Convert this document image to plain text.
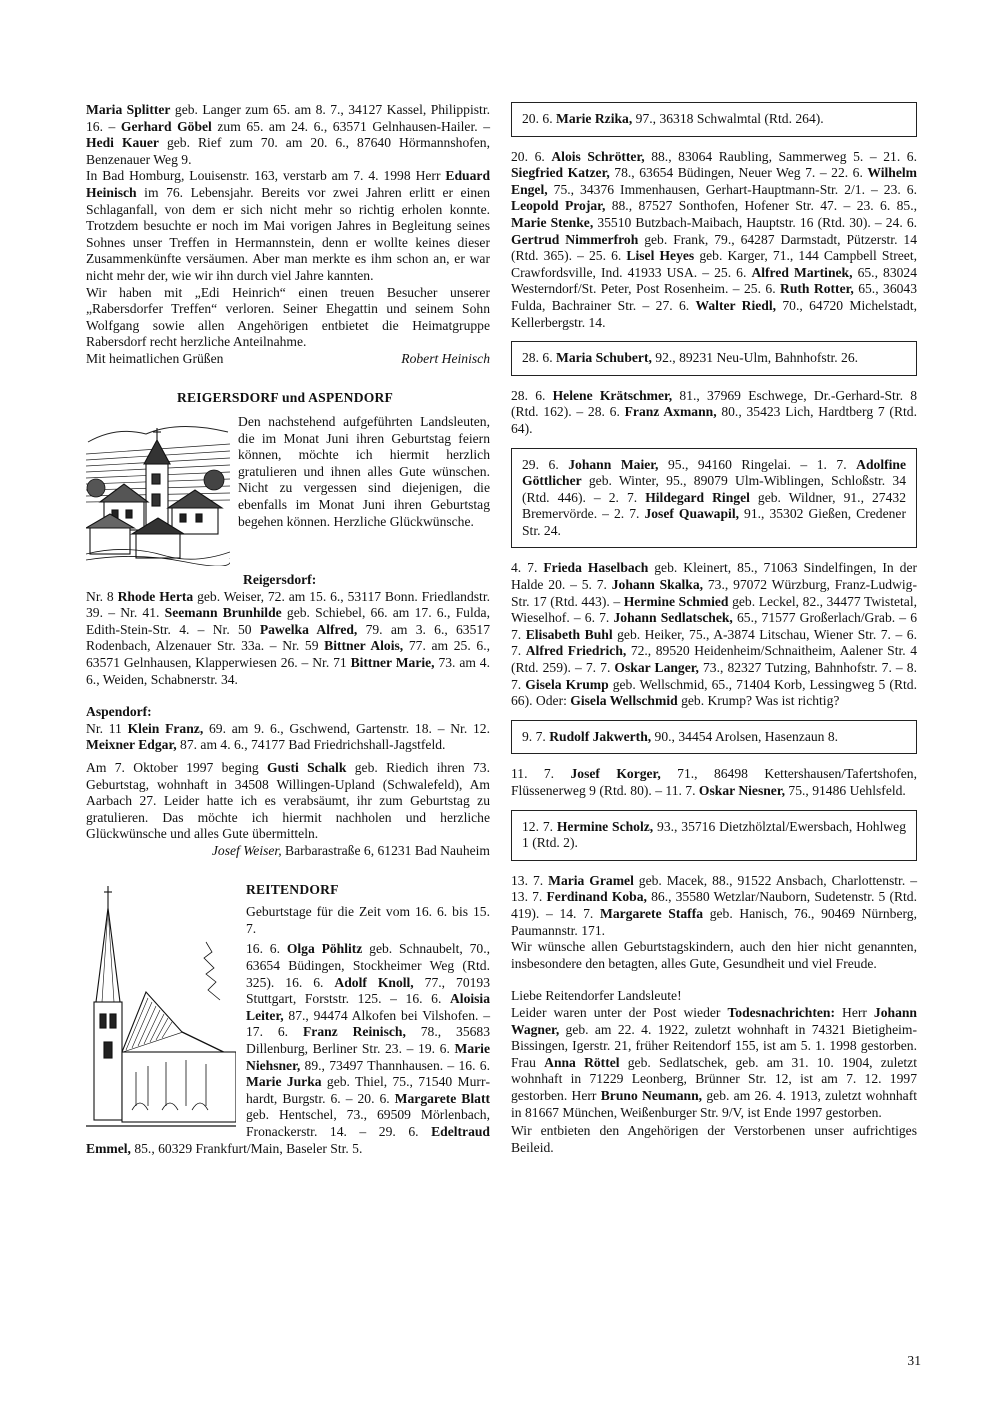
Maria Splitter geb. Langer zum 65. am 8. 7., 34127 Kassel, Philippistr. 16. – Gerhard Göbel zum 65. am 24. 6., 63571 Gelnhausen-Hailer. – Hedi Kauer geb. Rief zum 70. am 20. 6., 87640 Hörmannshofen, Benzenauer Weg 9.

In Bad Homburg, Louisenstr. 163, verstarb am 7. 4. 1998 Herr Eduard Heinisch im 76. Lebensjahr. Bereits vor zwei Jahren erlitt er einen Schlaganfall, von dem er sich nicht mehr so richtig erholen konnte. Trotzdem besuchte er noch im Mai vorigen Jahres in Begleitung seines Sohnes unser Treffen in Hermannstein, denn er wollte keines dieser Zusammenkünfte versäumen. Aber man merkte es ihm schon an, er war nicht mehr der, wie wir ihn durch viel Jahre kannten.

Wir haben mit „Edi Heinrich“ einen treuen Besucher unserer „Rabersdorfer Treffen“ verloren. Seiner Ehegattin und seinem Sohn Wolfgang sowie allen Angehörigen entbietet die Heimatgruppe Rabersdorf recht herzliche Anteilnahme.

Mit heimatlichen Grüßen	Robert Heinisch

REIGERSDORF und ASPENDORF

Den nachstehend aufgeführten Landsleuten, die im Monat Juni ihren Geburtstag feiern können, möchte ich hiermit herzlich gratulieren und ihnen alles Gute wünschen. Nicht zu vergessen sind diejenigen, die ebenfalls im Monat Juni ihren Geburtstag begehen können. Herzliche Glückwünsche.

Reigersdorf:

Nr. 8 Rhode Herta geb. Weiser, 72. am 15. 6., 53117 Bonn. Friedlandstr. 39. – Nr. 41. Seemann Brunhilde geb. Schiebel, 66. am 17. 6., Fulda, Edith-Stein-Str. 4. – Nr. 50 Pawelka Alfred, 79. am 3. 6., 63517 Rodenbach, Alzenauer Str. 33a. – Nr. 59 Bittner Alois, 77. am 25. 6., 63571 Gelnhausen, Klapperwiesen 26. – Nr. 71 Bittner Marie, 73. am 4. 6., Weiden, Schabnerstr. 34.

Aspendorf:

Nr. 11 Klein Franz, 69. am 9. 6., Gschwend, Gartenstr. 18. – Nr. 12. Meixner Edgar, 87. am 4. 6., 74177 Bad Friedrichshall-Jagstfeld.

Am 7. Oktober 1997 beging Gusti Schalk geb. Riedich ihren 73. Geburtstag, wohnhaft in 34508 Willingen-Upland (Schwalefeld), Am Aarbach 27. Leider hatte ich es verabsäumt, ihr zum Geburtstag zu gratulieren. Das möchte ich hiermit nachholen und herzliche Glückwünsche und alles Gute übermitteln.

Josef Weiser, Barbarastraße 6, 61231 Bad Nauheim

REITENDORF

Geburtstage für die Zeit vom 16. 6. bis 15. 7.

16. 6. Olga Pöhlitz geb. Schnaubelt, 70., 63654 Büdingen, Stockheimer Weg (Rtd. 325). 16. 6. Adolf Knoll, 77., 70193 Stuttgart, Forststr. 125. – 16. 6. Aloisia Leiter, 87., 94474 Alkofen bei Vilshofen. – 17. 6. Franz Reinisch, 78., 35683 Dillenburg, Berliner Str. 23. – 19. 6. Marie Niehsner, 89., 73497 Thannhausen. – 16. 6. Marie Jurka geb. Thiel, 75., 71540 Murrhardt, Burgstr. 6. – 20. 6. Margarete Blatt geb. Hentschel, 73., 69509 Mörlenbach, Fronackerstr. 14. – 29. 6. Edeltraud Emmel, 85., 60329 Frankfurt/Main, Baseler Str. 5.

20. 6. Marie Rzika, 97., 36318 Schwalmtal (Rtd. 264).

20. 6. Alois Schrötter, 88., 83064 Raubling, Sammerweg 5. – 21. 6. Siegfried Katzer, 78., 63654 Büdingen, Neuer Weg 7. – 22. 6. Wilhelm Engel, 75., 34376 Immenhausen, Gerhart-Hauptmann-Str. 2/1. – 23. 6. Leopold Projar, 88., 87527 Sonthofen, Hofener Str. 47. – 23. 6. 85., Marie Stenke, 35510 Butzbach-Maibach, Hauptstr. 16 (Rtd. 30). – 24. 6. Gertrud Nimmerfroh geb. Frank, 79., 64287 Darmstadt, Pützerstr. 14 (Rtd. 365). – 25. 6. Lisel Heyes geb. Karger, 71., 144 Campbell Street, Crawfordsville, Ind. 41933 USA. – 25. 6. Alfred Martinek, 65., 83024 Westerndorf/St. Peter, Post Rosenheim. – 25. 6. Ruth Rotter, 65., 36043 Fulda, Bachrainer Str. – 27. 6. Walter Riedl, 70., 64720 Michelstadt, Kellerbergstr. 14.

28. 6. Maria Schubert, 92., 89231 Neu-Ulm, Bahnhofstr. 26.

28. 6. Helene Krätschmer, 81., 37969 Eschwege, Dr.-Gerhard-Str. 8 (Rtd. 162). – 28. 6. Franz Axmann, 80., 35423 Lich, Hardtberg 7 (Rtd. 64).

29. 6. Johann Maier, 95., 94160 Ringelai. – 1. 7. Adolfine Göttlicher geb. Winter, 95., 89079 Ulm-Wiblingen, Schloßstr. 34 (Rtd. 446). – 2. 7. Hildegard Ringel geb. Wildner, 91., 27432 Bremervörde. – 2. 7. Josef Quawapil, 91., 35302 Gießen, Credener Str. 24.

4. 7. Frieda Haselbach geb. Kleinert, 85., 71063 Sindelfingen, In der Halde 20. – 5. 7. Johann Skalka, 73., 97072 Würzburg, Franz-Ludwig-Str. 17 (Rtd. 443). – Hermine Schmied geb. Leckel, 82., 34477 Twistetal, Wieselhof. – 6. 7. Johann Sedlatschek, 65., 71577 Großerlach/Grab. – 6 7. Elisabeth Buhl geb. Heiker, 75., A-3874 Litschau, Wiener Str. 7. – 6. 7. Alfred Friedrich, 72., 89520 Heidenheim/Schnaitheim, Aalener Str. 4 (Rtd. 259). – 7. 7. Oskar Langer, 73., 82327 Tutzing, Bahnhofstr. 7. – 8. 7. Gisela Krump geb. Wellschmid, 65., 71404 Korb, Lessingweg 5 (Rtd. 66). Oder: Gisela Wellschmid geb. Krump? Was ist richtig?

9. 7. Rudolf Jakwerth, 90., 34454 Arolsen, Hasenzaun 8.

11. 7. Josef Korger, 71., 86498 Kettershausen/Tafertshofen, Flüssenerweg 9 (Rtd. 80). – 11. 7. Oskar Niesner, 75., 91486 Uehlsfeld.

12. 7. Hermine Scholz, 93., 35716 Dietzhölztal/Ewersbach, Hohlweg 1 (Rtd. 2).

13. 7. Maria Gramel geb. Macek, 88., 91522 Ansbach, Charlottenstr. – 13. 7. Ferdinand Koba, 86., 35580 Wetzlar/Nauborn, Sudetenstr. 5 (Rtd. 419). – 14. 7. Margarete Staffa geb. Hanisch, 76., 90469 Nürnberg, Paumannstr. 171.

Wir wünsche allen Geburtstagskindern, auch den hier nicht genannten, insbesondere den betagten, alles Gute, Gesundheit und viel Freude.

Liebe Reitendorfer Landsleute!

Leider waren unter der Post wieder Todesnachrichten: Herr Johann Wagner, geb. am 22. 4. 1922, zuletzt wohnhaft in 74321 Bietigheim-Bissingen, Igerstr. 21, früher Reitendorf 155, ist am 5. 1. 1998 gestorben. Frau Anna Röttel geb. Sedlatschek, geb. am 31. 10. 1904, zuletzt wohnhaft in 71229 Leonberg, Brünner Str. 12, ist am 7. 12. 1997 gestorben. Herr Bruno Neumann, geb. am 26. 4. 1913, zuletzt wohnhaft in 81667 München, Weißenburger Str. 9/V, ist Ende 1997 gestorben.

Wir entbieten den Angehörigen der Verstorbenen unser aufrichtiges Beileid.

31
